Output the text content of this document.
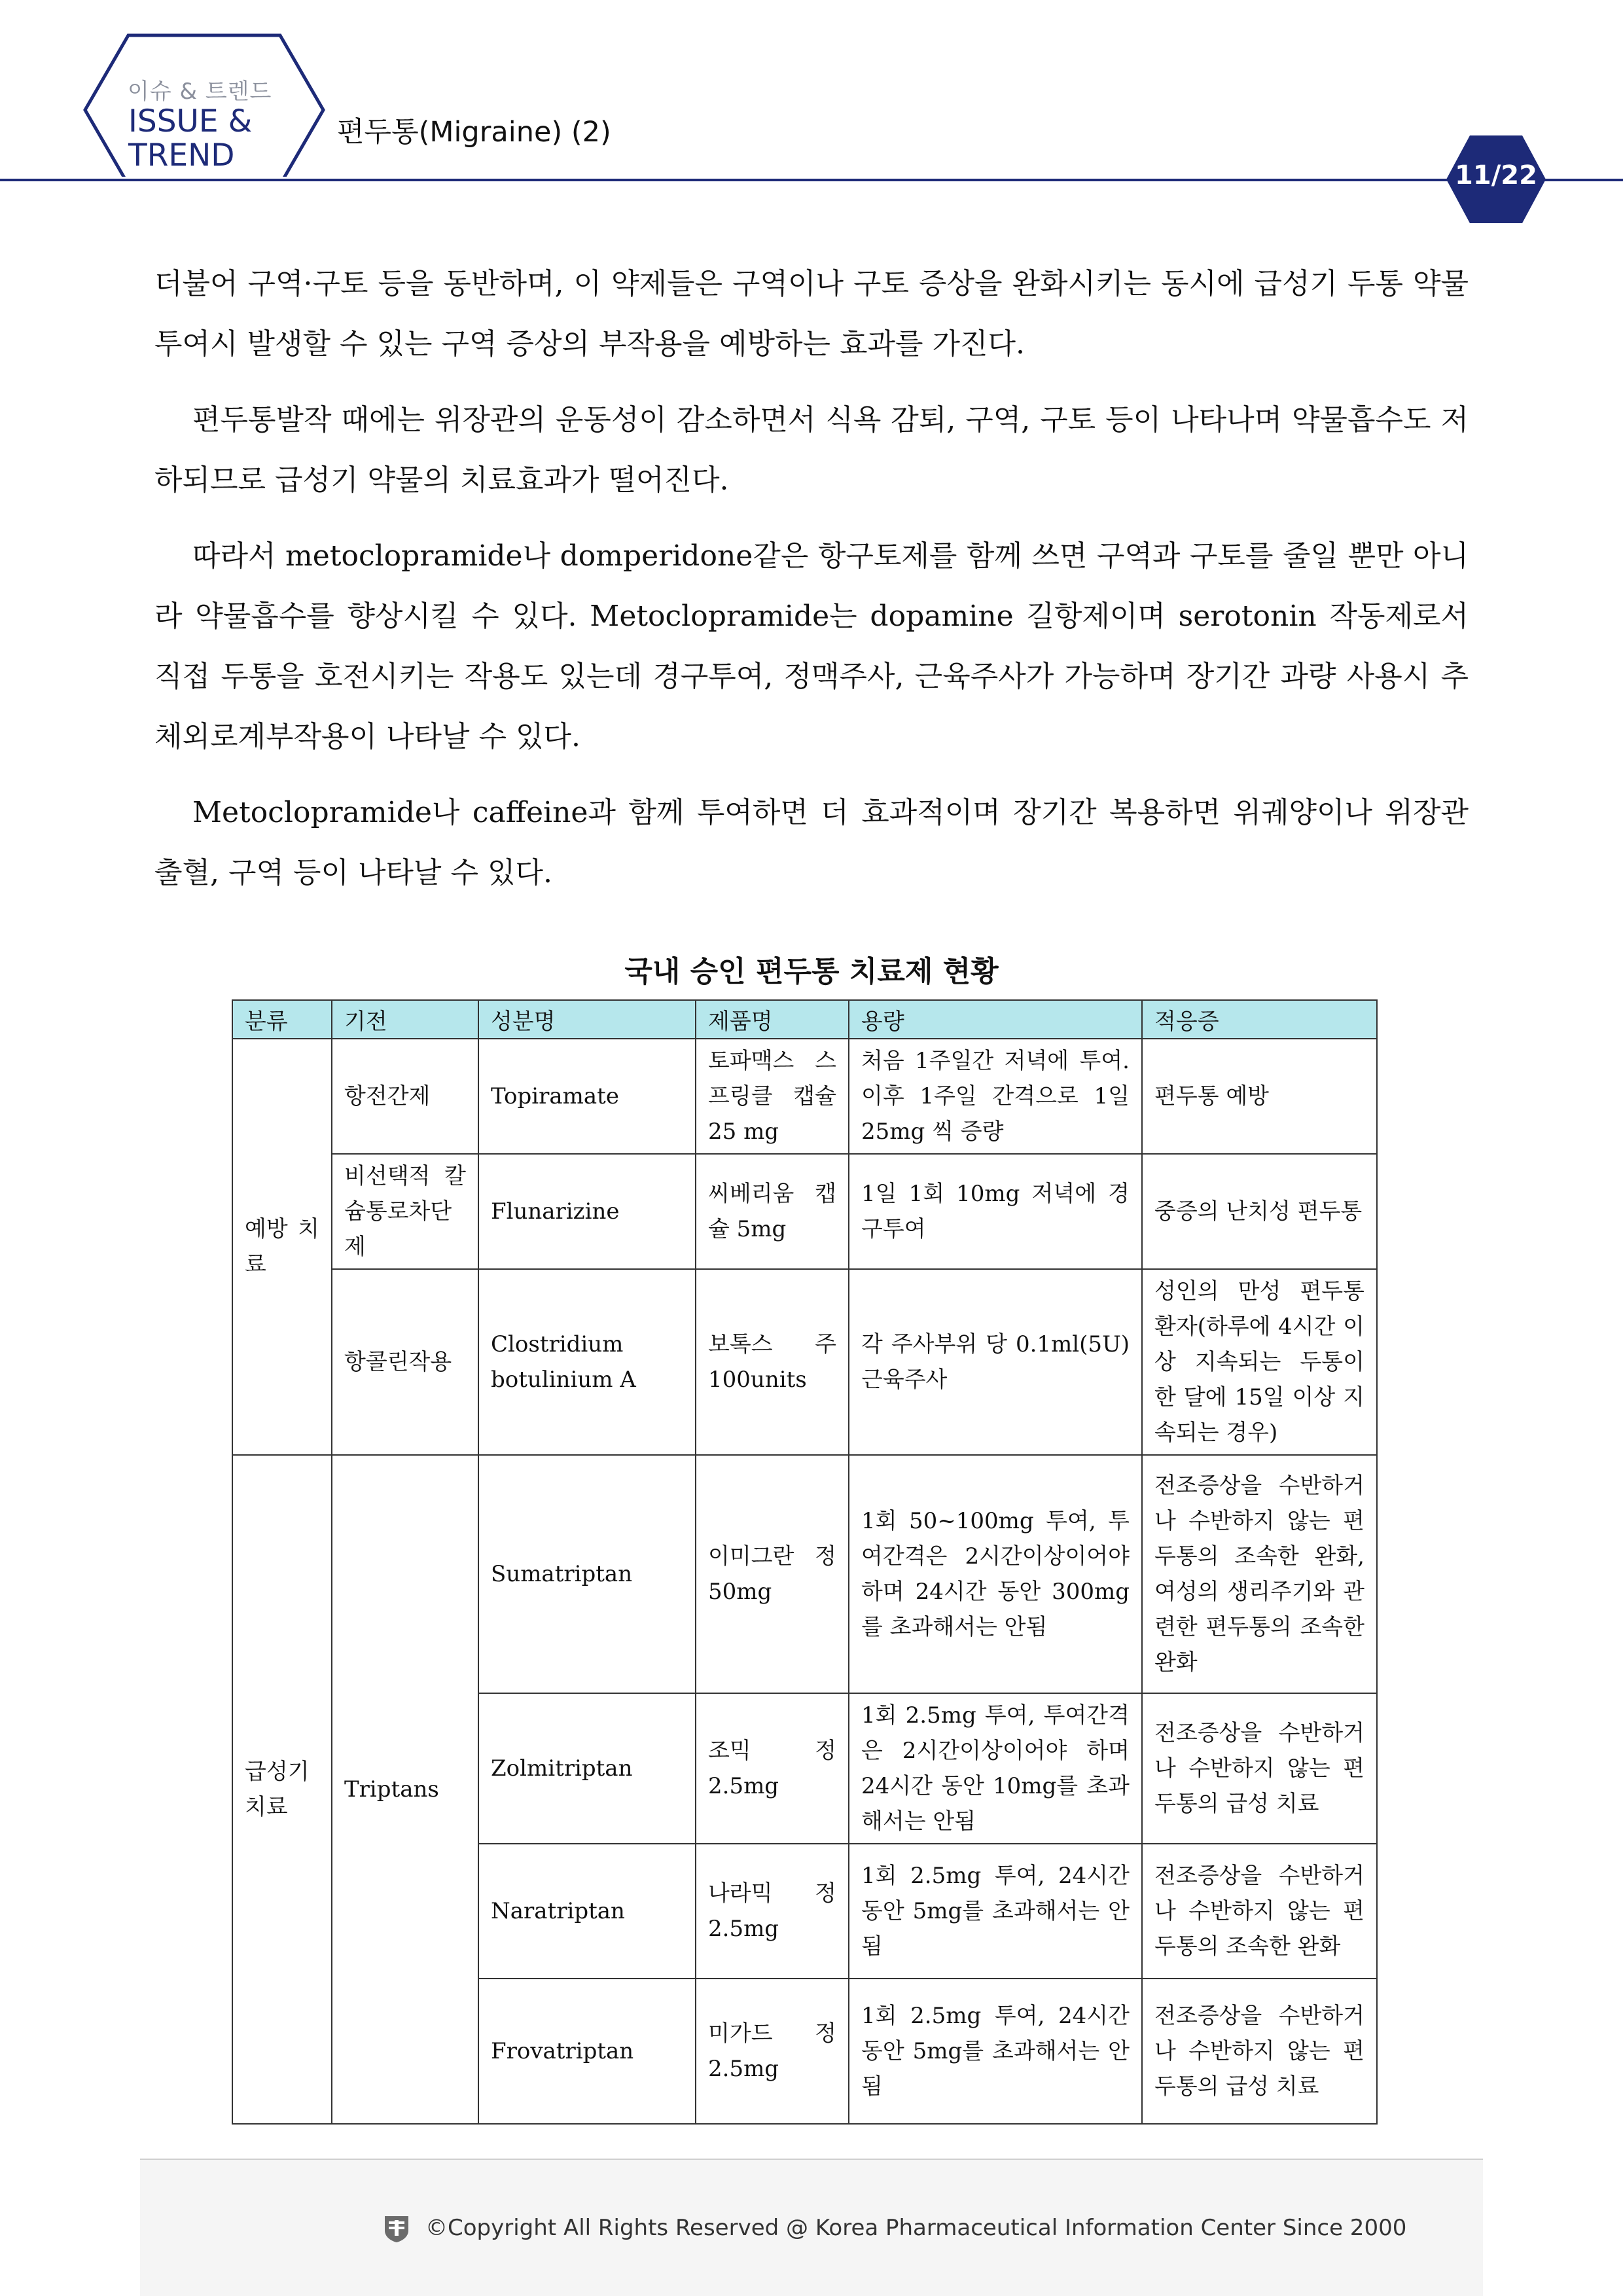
이슈 & 트렌드
ISSUE &
TREND
편두통(Migraine) (2)
11/22

더불어 구역·구토 등을 동반하며, 이 약제들은 구역이나 구토 증상을 완화시키는 동시에 급성기 두통 약물 투여시 발생할 수 있는 구역 증상의 부작용을 예방하는 효과를 가진다.

편두통발작 때에는 위장관의 운동성이 감소하면서 식욕 감퇴, 구역, 구토 등이 나타나며 약물흡수도 저하되므로 급성기 약물의 치료효과가 떨어진다.

따라서 metoclopramide나 domperidone같은 항구토제를 함께 쓰면 구역과 구토를 줄일 뿐만 아니라 약물흡수를 향상시킬 수 있다. Metoclopramide는 dopamine 길항제이며 serotonin 작동제로서 직접 두통을 호전시키는 작용도 있는데 경구투여, 정맥주사, 근육주사가 가능하며 장기간 과량 사용시 추체외로계부작용이 나타날 수 있다.

Metoclopramide나 caffeine과 함께 투여하면 더 효과적이며 장기간 복용하면 위궤양이나 위장관 출혈, 구역 등이 나타날 수 있다.

국내 승인 편두통 치료제 현황
분류	기전	성분명	제품명	용량	적응증
예방 치료	항전간제	Topiramate	토파맥스 스프링클 캡슐 25 mg	처음 1주일간 저녁에 투여. 이후 1주일 간격으로 1일 25mg 씩 증량	편두통 예방
	비선택적 칼슘통로차단제	Flunarizine	씨베리움 캡슐 5mg	1일 1회 10mg 저녁에 경구투여	중증의 난치성 편두통
	항콜린작용	Clostridium botulinium A	보톡스 주 100units	각 주사부위 당 0.1ml(5U) 근육주사	성인의 만성 편두통 환자(하루에 4시간 이상 지속되는 두통이 한 달에 15일 이상 지속되는 경우)
급성기 치료	Triptans	Sumatriptan	이미그란 정 50mg	1회 50~100mg 투여, 투여간격은 2시간이상이어야 하며 24시간 동안 300mg를 초과해서는 안됨	전조증상을 수반하거나 수반하지 않는 편두통의 조속한 완화, 여성의 생리주기와 관련한 편두통의 조속한 완화
		Zolmitriptan	조믹 정 2.5mg	1회 2.5mg 투여, 투여간격은 2시간이상이어야 하며 24시간 동안 10mg를 초과해서는 안됨	전조증상을 수반하거나 수반하지 않는 편두통의 급성 치료
		Naratriptan	나라믹 정 2.5mg	1회 2.5mg 투여, 24시간 동안 5mg를 초과해서는 안됨	전조증상을 수반하거나 수반하지 않는 편두통의 조속한 완화
		Frovatriptan	미가드 정 2.5mg	1회 2.5mg 투여, 24시간 동안 5mg를 초과해서는 안됨	전조증상을 수반하거나 수반하지 않는 편두통의 급성 치료
©Copyright All Rights Reserved @ Korea Pharmaceutical Information Center Since 2000
